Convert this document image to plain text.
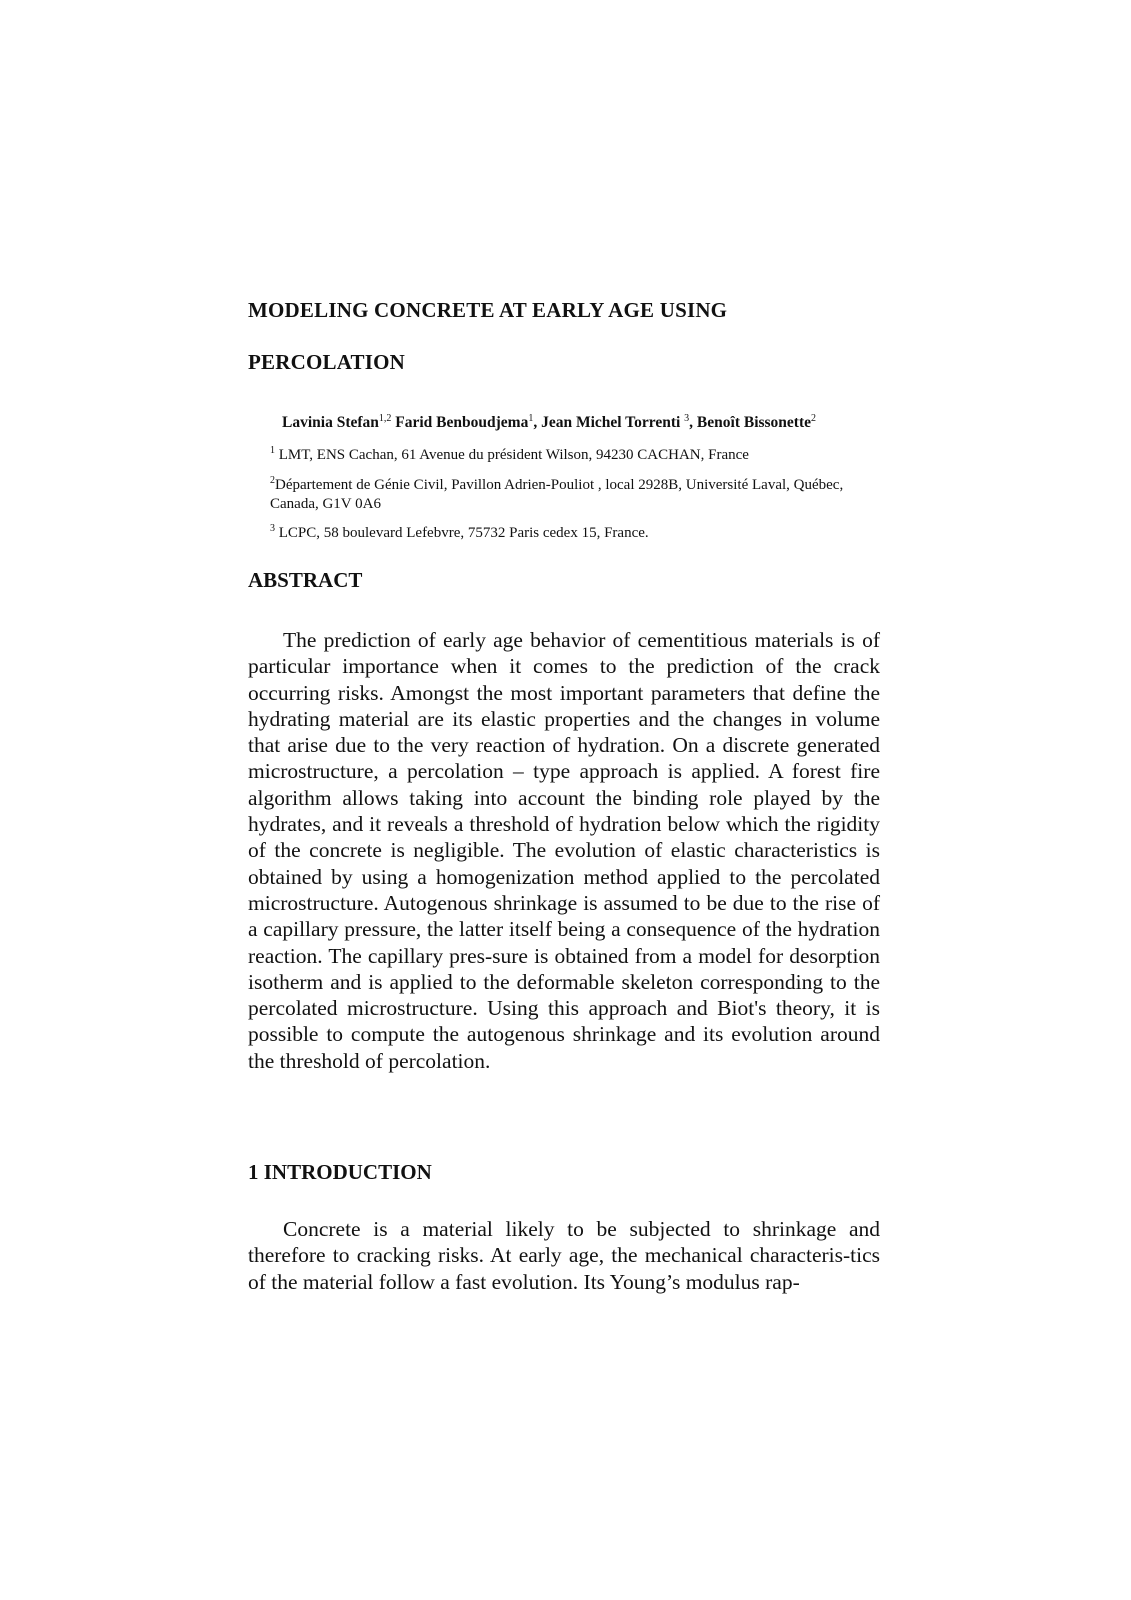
MODELING CONCRETE AT EARLY AGE USING
PERCOLATION
Lavinia Stefan$^{1,2}$ Farid Benboudjema$^1$, Jean Michel Torrenti $^3$, Benoît Bissonette$^2$
$^1$ LMT, ENS Cachan, 61 Avenue du président Wilson, 94230 CACHAN, France
$^2$Département de Génie Civil, Pavillon Adrien-Pouliot , local 2928B, Université Laval, Québec, Canada, G1V 0A6
$^3$ LCPC, 58 boulevard Lefebvre, 75732 Paris cedex 15, France.
ABSTRACT

The prediction of early age behavior of cementitious materials is of particular importance when it comes to the prediction of the crack occurring risks. Amongst the most important parameters that define the hydrating material are its elastic properties and the changes in volume that arise due to the very reaction of hydration. On a discrete generated microstructure, a percolation – type approach is applied. A forest fire algorithm allows taking into account the binding role played by the hydrates, and it reveals a threshold of hydration below which the rigidity of the concrete is negligible. The evolution of elastic characteristics is obtained by using a homogenization method applied to the percolated microstructure. Autogenous shrinkage is assumed to be due to the rise of a capillary pressure, the latter itself being a consequence of the hydration reaction. The capillary pres-sure is obtained from a model for desorption isotherm and is applied to the deformable skeleton corresponding to the percolated microstructure. Using this approach and Biot's theory, it is possible to compute the autogenous shrinkage and its evolution around the threshold of percolation.

1 INTRODUCTION

Concrete is a material likely to be subjected to shrinkage and therefore to cracking risks. At early age, the mechanical characteris-tics of the material follow a fast evolution. Its Young’s modulus rap-
